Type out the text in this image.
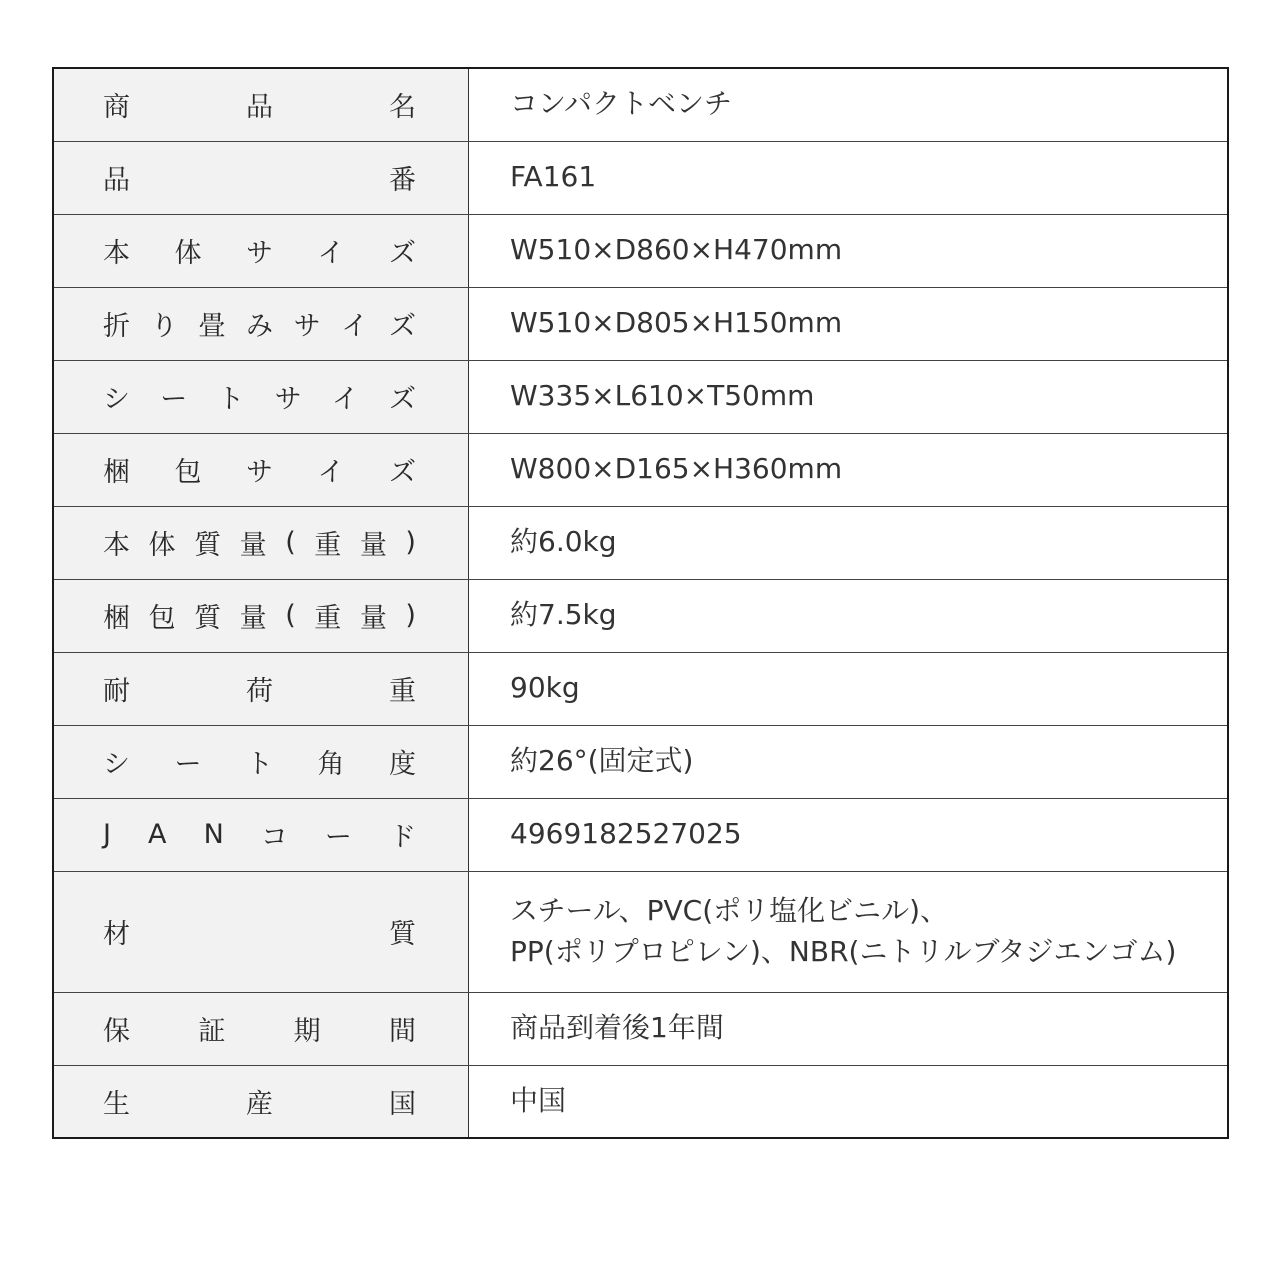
商 品 名	コンパクトベンチ

品 番	FA161

本 体 サ イ ズ	W510×D860×H470mm

折 り 畳 み サ イ ズ	W510×D805×H150mm

シ ー ト サ イ ズ	W335×L610×T50mm

梱 包 サ イ ズ	W800×D165×H360mm

本 体 質 量 ( 重 量 )	約6.0kg

梱 包 質 量 ( 重 量 )	約7.5kg

耐 荷 重	90kg

シ ー ト 角 度	約26°(固定式)

J A N コ ー ド	4969182527025

材 質	スチール、PVC(ポリ塩化ビニル)、
PP(ポリプロピレン)、NBR(ニトリルブタジエンゴム)

保 証 期 間	商品到着後1年間

生 産 国	中国
